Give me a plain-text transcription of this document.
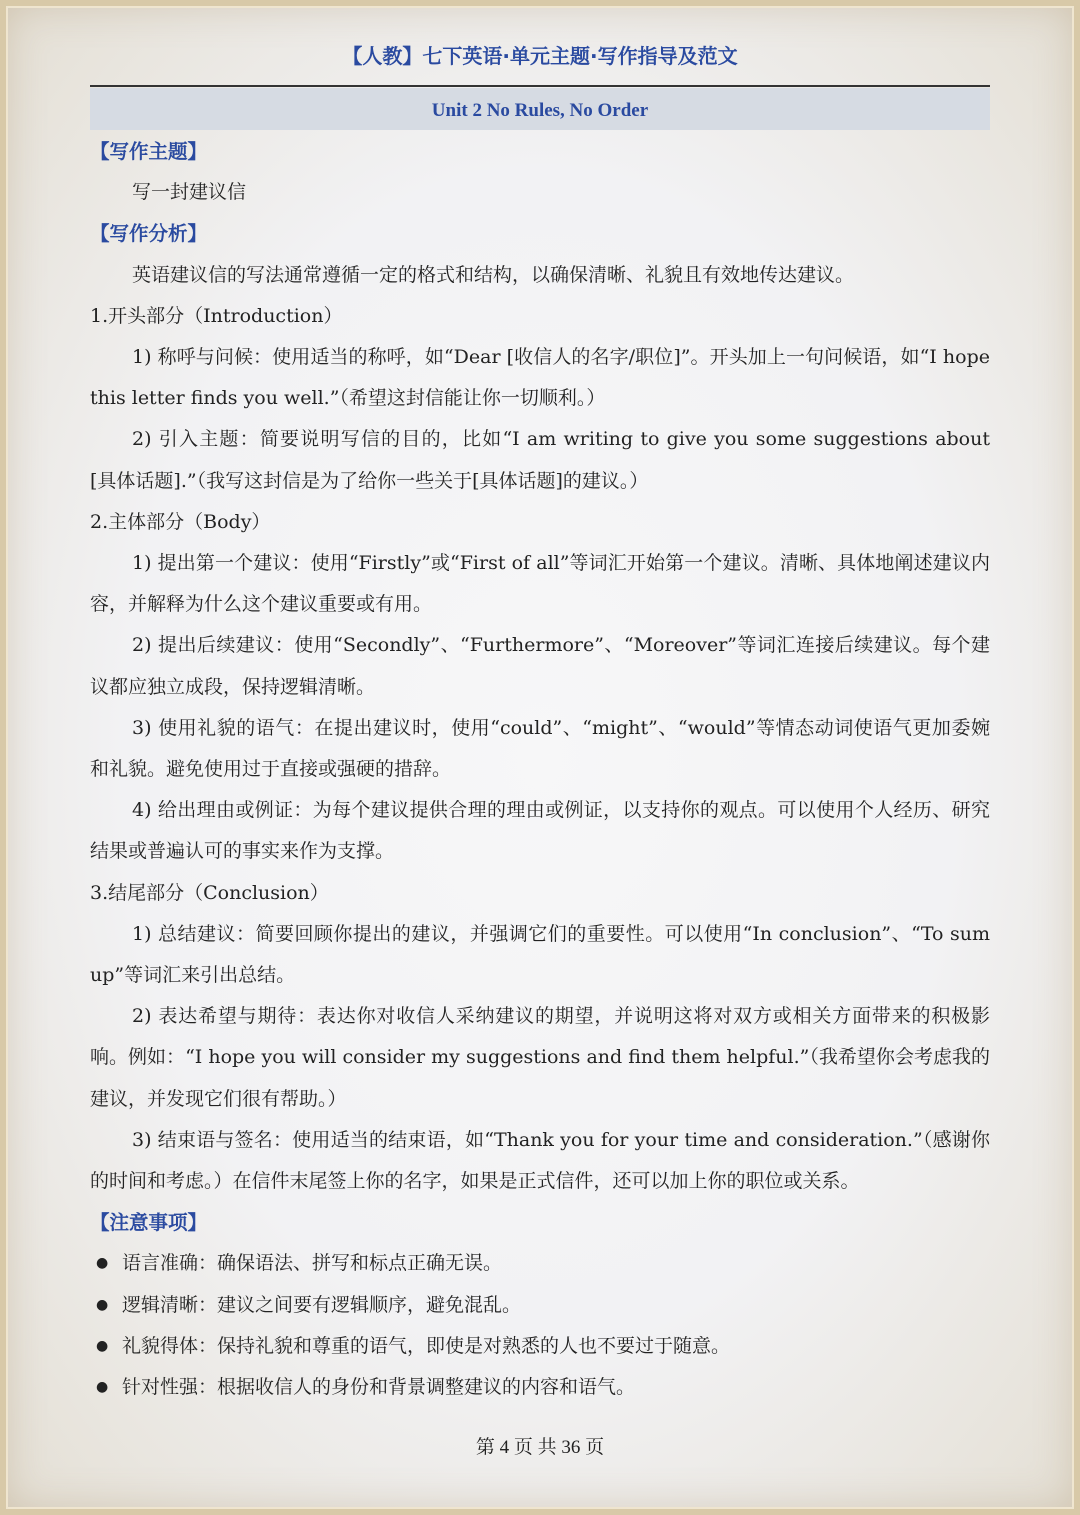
【人教】七下英语·单元主题·写作指导及范文
Unit 2 No Rules, No Order
【写作主题】

写一封建议信

【写作分析】

英语建议信的写法通常遵循一定的格式和结构，以确保清晰、礼貌且有效地传达建议。

1.开头部分（Introduction）

1) 称呼与问候：使用适当的称呼，如“Dear [收信人的名字/职位]”。开头加上一句问候语，如“I hope this letter finds you well.”（希望这封信能让你一切顺利。）

2) 引入主题：简要说明写信的目的，比如“I am writing to give you some suggestions about [具体话题].”（我写这封信是为了给你一些关于[具体话题]的建议。）

2.主体部分（Body）

1) 提出第一个建议：使用“Firstly”或“First of all”等词汇开始第一个建议。清晰、具体地阐述建议内容，并解释为什么这个建议重要或有用。

2) 提出后续建议：使用“Secondly”、“Furthermore”、“Moreover”等词汇连接后续建议。每个建议都应独立成段，保持逻辑清晰。

3) 使用礼貌的语气：在提出建议时，使用“could”、“might”、“would”等情态动词使语气更加委婉和礼貌。避免使用过于直接或强硬的措辞。

4) 给出理由或例证：为每个建议提供合理的理由或例证，以支持你的观点。可以使用个人经历、研究结果或普遍认可的事实来作为支撑。

3.结尾部分（Conclusion）

1) 总结建议：简要回顾你提出的建议，并强调它们的重要性。可以使用“In conclusion”、“To sum up”等词汇来引出总结。

2) 表达希望与期待：表达你对收信人采纳建议的期望，并说明这将对双方或相关方面带来的积极影响。例如：“I hope you will consider my suggestions and find them helpful.”（我希望你会考虑我的建议，并发现它们很有帮助。）

3) 结束语与签名：使用适当的结束语，如“Thank you for your time and consideration.”（感谢你的时间和考虑。）在信件末尾签上你的名字，如果是正式信件，还可以加上你的职位或关系。

【注意事项】
● 语言准确：确保语法、拼写和标点正确无误。
● 逻辑清晰：建议之间要有逻辑顺序，避免混乱。
● 礼貌得体：保持礼貌和尊重的语气，即使是对熟悉的人也不要过于随意。
● 针对性强：根据收信人的身份和背景调整建议的内容和语气。
第 4 页 共 36 页
